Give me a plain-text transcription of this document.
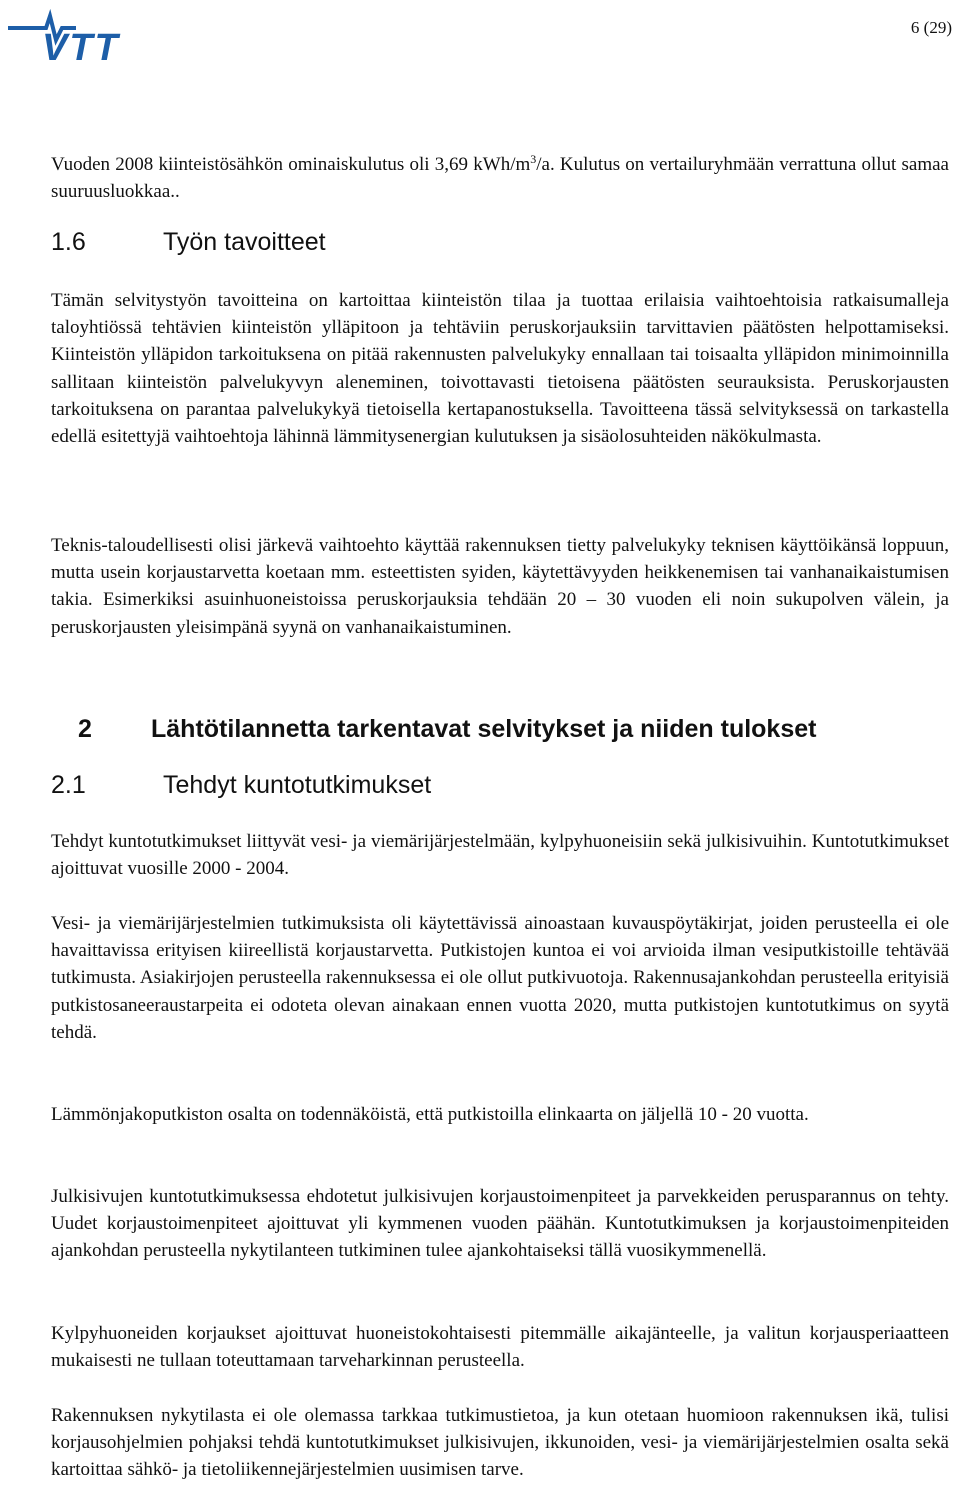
VTT	6 (29)

Vuoden 2008 kiinteistösähkön ominaiskulutus oli 3,69 kWh/$m^3/a$. Kulutus on vertailuryhmään verrattuna ollut samaa suuruusluokkaa..

1.6	Työn tavoitteet

Tämän selvitystyön tavoitteina on kartoittaa kiinteistön tilaa ja tuottaa erilaisia vaihtoehtoisia ratkaisumalleja taloyhtiössä tehtävien kiinteistön ylläpitoon ja tehtäviin peruskorjauksiin tarvittavien päätösten helpottamiseksi. Kiinteistön ylläpidon tarkoituksena on pitää rakennusten palvelukyky ennallaan tai toisaalta ylläpidon minimoinnilla sallitaan kiinteistön palvelukyvyn aleneminen, toivottavasti tietoisena päätösten seurauksista. Peruskorjausten tarkoituksena on parantaa palvelukykyä tietoisella kertapanostuksella. Tavoitteena tässä selvityksessä on tarkastella edellä esitettyjä vaihtoehtoja lähinnä lämmitysenergian kulutuksen ja sisäolosuhteiden näkökulmasta.

Teknis-taloudellisesti olisi järkevä vaihtoehto käyttää rakennuksen tietty palvelukyky teknisen käyttöikänsä loppuun, mutta usein korjaustarvetta koetaan mm. esteettisten syiden, käytettävyyden heikkenemisen tai vanhanaikaistumisen takia. Esimerkiksi asuinhuoneistoissa peruskorjauksia tehdään 20 – 30 vuoden eli noin sukupolven välein, ja peruskorjausten yleisimpänä syynä on vanhanaikaistuminen.

2 Lähtötilannetta tarkentavat selvitykset ja niiden tulokset
2.1	Tehdyt kuntotutkimukset

Tehdyt kuntotutkimukset liittyvät vesi- ja viemärijärjestelmään, kylpyhuoneisiin sekä julkisivuihin. Kuntotutkimukset ajoittuvat vuosille 2000 - 2004.

Vesi- ja viemärijärjestelmien tutkimuksista oli käytettävissä ainoastaan kuvauspöytäkirjat, joiden perusteella ei ole havaittavissa erityisen kiireellistä korjaustarvetta. Putkistojen kuntoa ei voi arvioida ilman vesiputkistoille tehtävää tutkimusta. Asiakirjojen perusteella rakennuksessa ei ole ollut putkivuotoja. Rakennusajankohdan perusteella erityisiä putkistosaneeraustarpeita ei odoteta olevan ainakaan ennen vuotta 2020, mutta putkistojen kuntotutkimus on syytä tehdä.

Lämmönjakoputkiston osalta on todennäköistä, että putkistoilla elinkaarta on jäljellä 10 - 20 vuotta.

Julkisivujen kuntotutkimuksessa ehdotetut julkisivujen korjaustoimenpiteet ja parvekkeiden perusparannus on tehty. Uudet korjaustoimenpiteet ajoittuvat yli kymmenen vuoden päähän. Kuntotutkimuksen ja korjaustoimenpiteiden ajankohdan perusteella nykytilanteen tutkiminen tulee ajankohtaiseksi tällä vuosikymmenellä.

Kylpyhuoneiden korjaukset ajoittuvat huoneistokohtaisesti pitemmälle aikajänteelle, ja valitun korjausperiaatteen mukaisesti ne tullaan toteuttamaan tarveharkinnan perusteella.

Rakennuksen nykytilasta ei ole olemassa tarkkaa tutkimustietoa, ja kun otetaan huomioon rakennuksen ikä, tulisi korjausohjelmien pohjaksi tehdä kuntotutkimukset julkisivujen, ikkunoiden, vesi- ja viemärijärjestelmien osalta sekä kartoittaa sähkö- ja tietoliikennejärjestelmien uusimisen tarve.
